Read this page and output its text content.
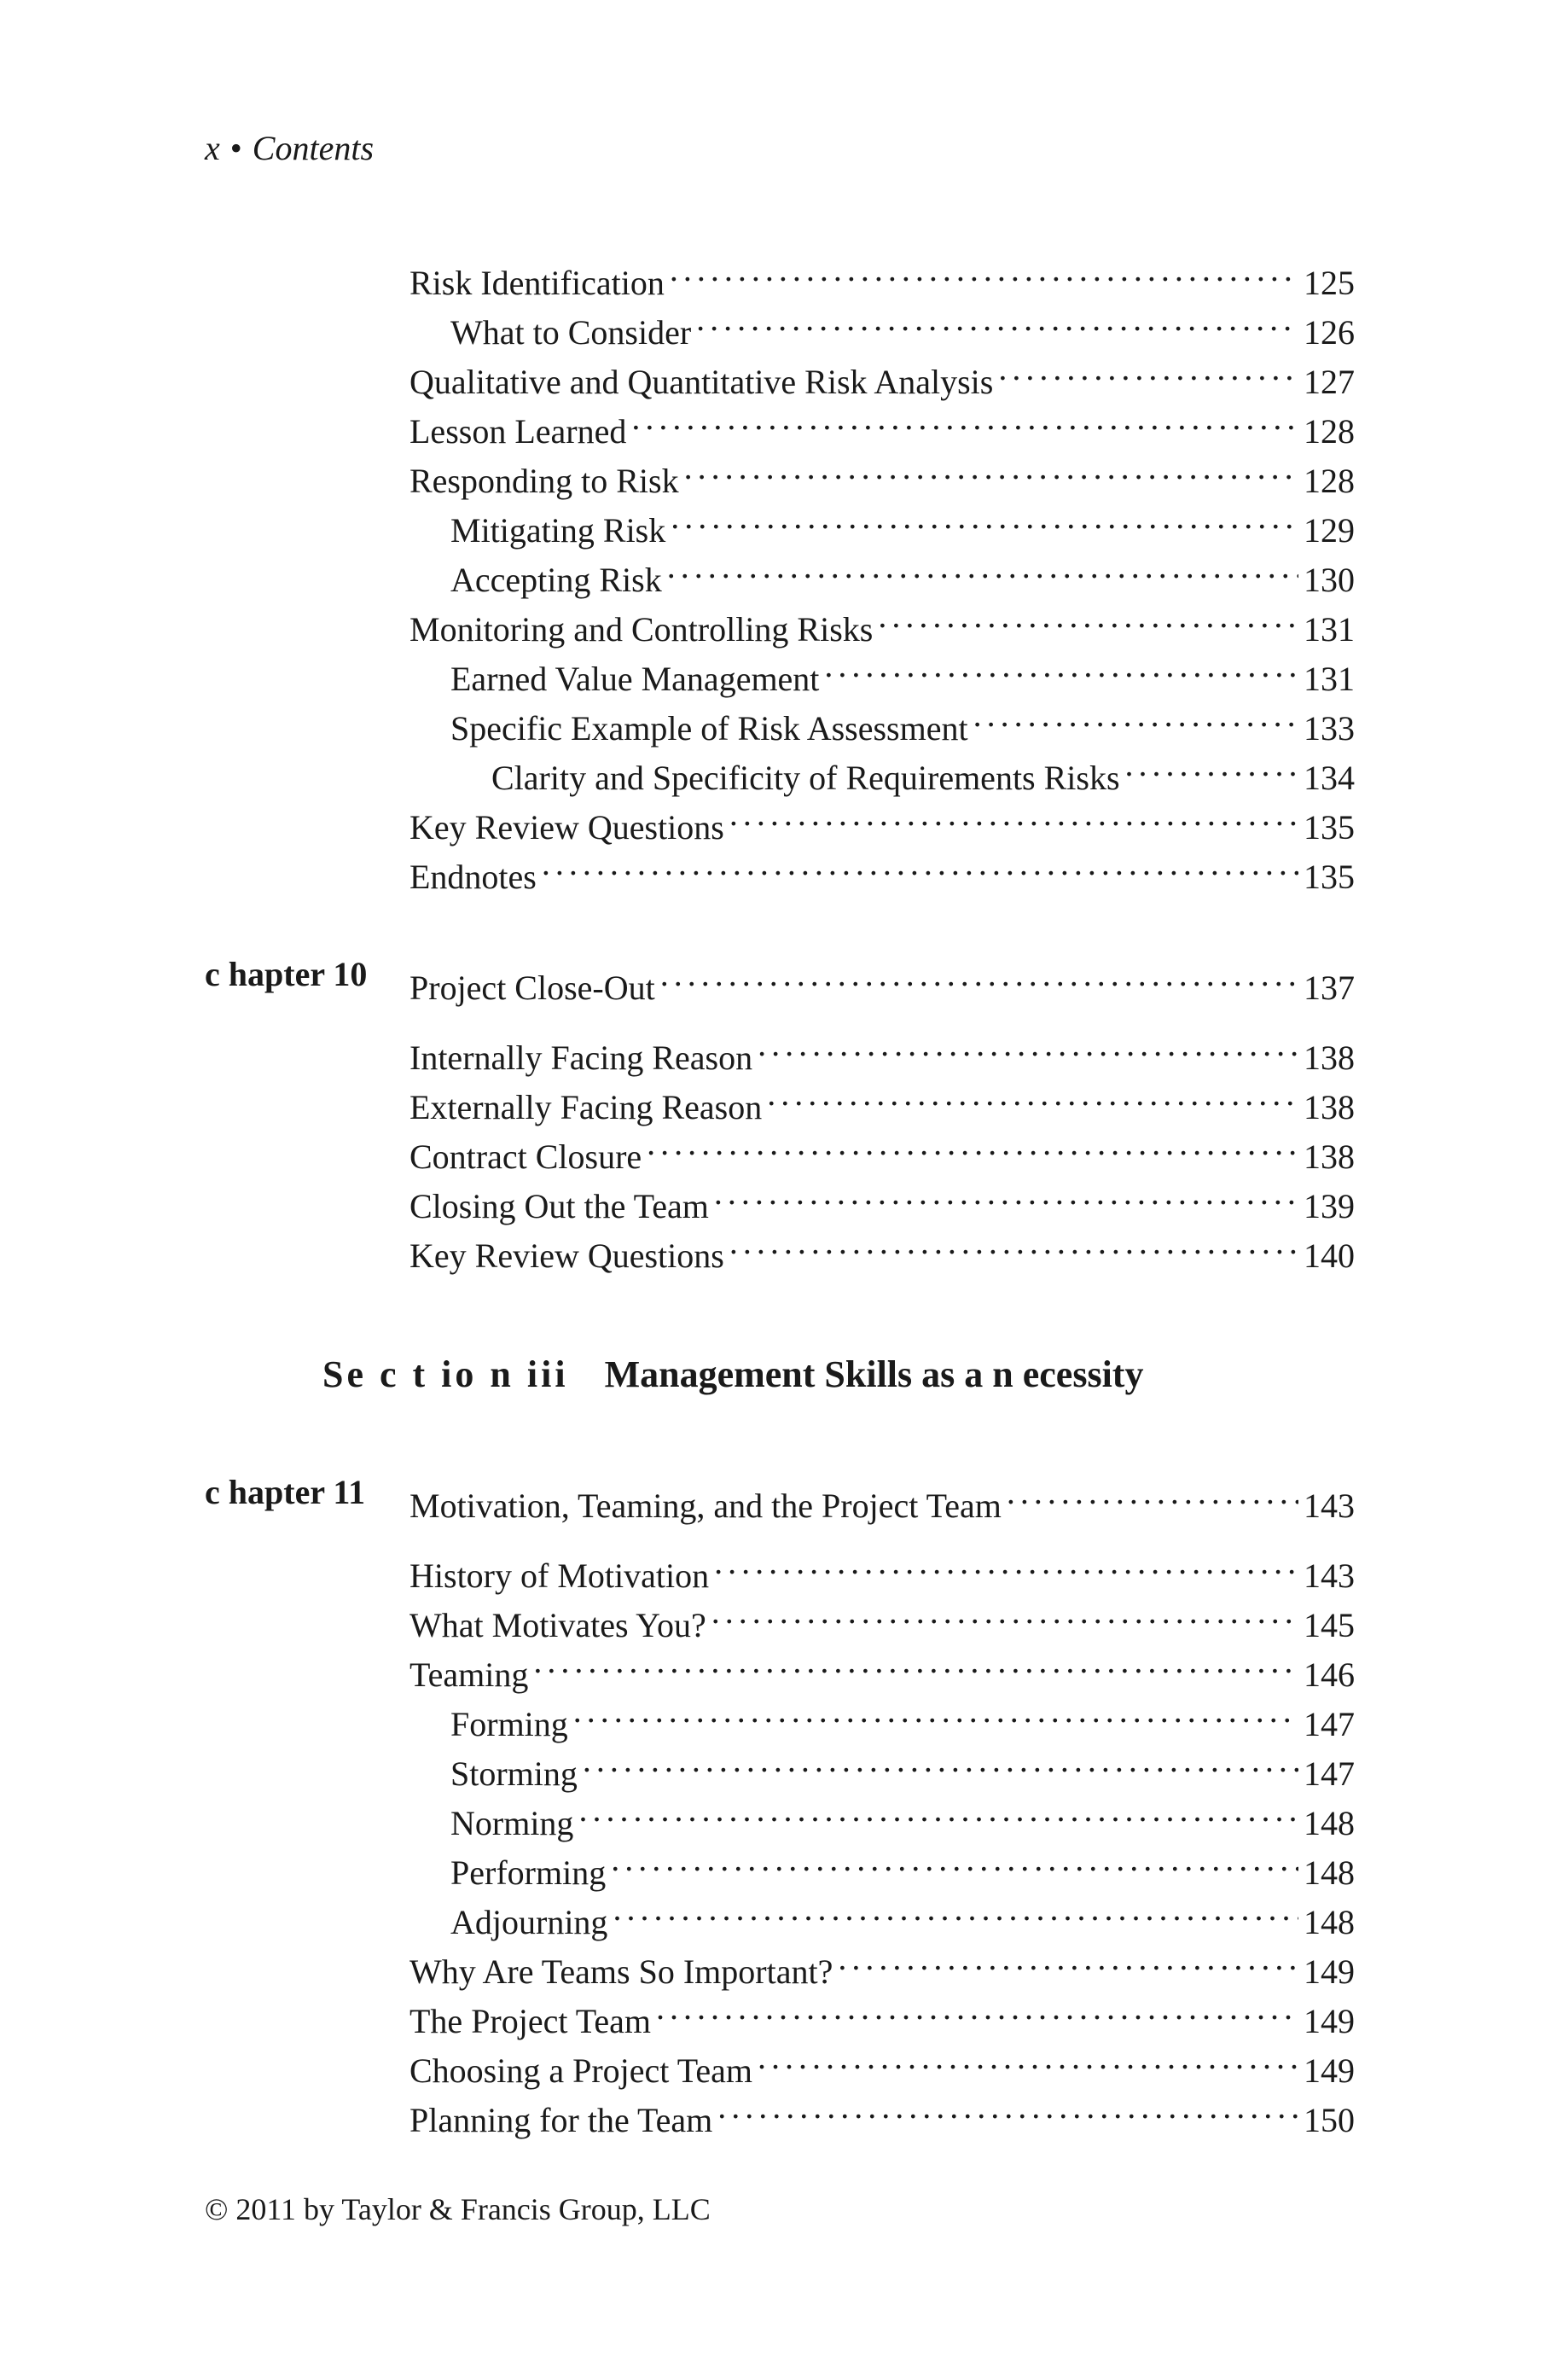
x • Contents
Risk Identification . . .	125
What to Consider . . .	126
Qualitative and Quantitative Risk Analysis . . .	127
Lesson Learned . . .	128
Responding to Risk . . .	128
Mitigating Risk . . .	129
Accepting Risk . . .	130
Monitoring and Controlling Risks . . .	131
Earned Value Management . . .	131
Specific Example of Risk Assessment . . .	133
Clarity and Specificity of Requirements Risks . . .	134
Key Review Questions . . .	135
Endnotes . . .	135
c hapter 10 Project Close-Out . . .	137
Internally Facing Reason . . .	138
Externally Facing Reason . . .	138
Contract Closure . . .	138
Closing Out the Team . . .	139
Key Review Questions . . .	140
Se c t io n iii Management Skills as a n ecessity
c hapter 11 Motivation, Teaming, and the Project Team . . .	143
History of Motivation . . .	143
What Motivates You? . . .	145
Teaming . . .	146
Forming . . .	147
Storming . . .	147
Norming . . .	148
Performing . . .	148
Adjourning . . .	148
Why Are Teams So Important? . . .	149
The Project Team . . .	149
Choosing a Project Team . . .	149
Planning for the Team . . .	150
© 2011 by Taylor & Francis Group, LLC
